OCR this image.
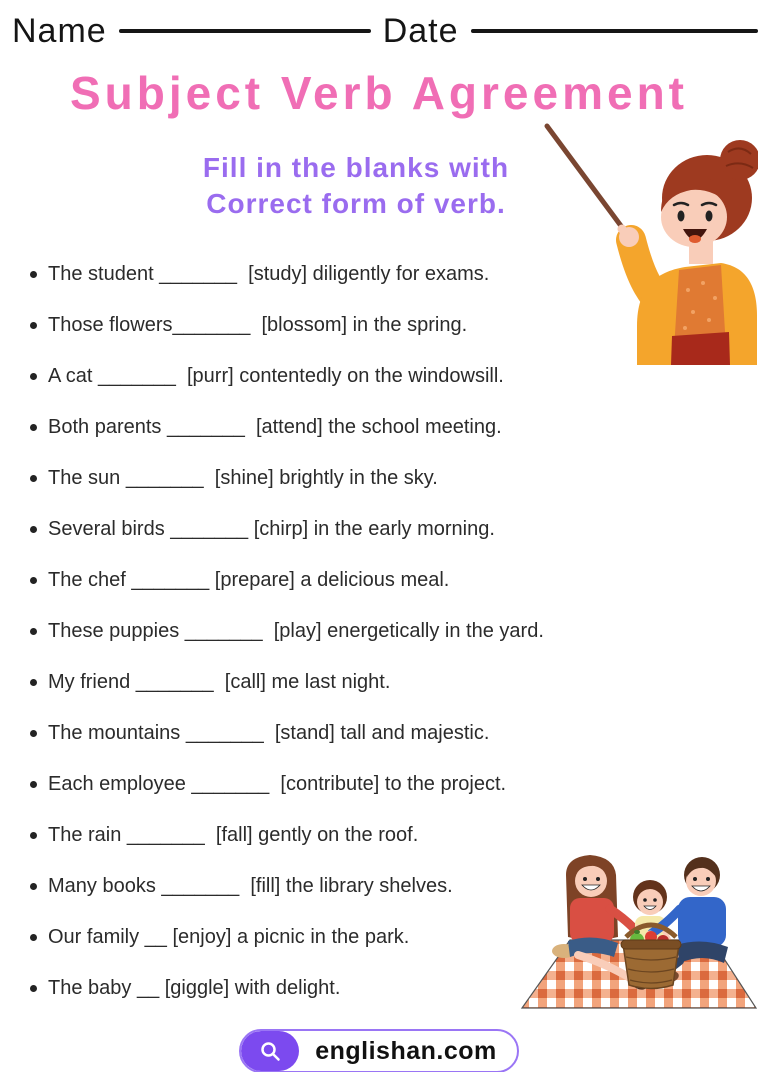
Name	Date
Subject Verb Agreement
Fill in the blanks with
Correct form of verb.
The student _______  [study] diligently for exams.
Those flowers_______  [blossom] in the spring.
A cat _______  [purr] contentedly on the windowsill.
Both parents _______  [attend] the school meeting.
The sun _______  [shine] brightly in the sky.
Several birds _______ [chirp] in the early morning.
The chef _______ [prepare] a delicious meal.
These puppies _______  [play] energetically in the yard.
My friend _______  [call] me last night.
The mountains _______  [stand] tall and majestic.
Each employee _______  [contribute] to the project.
The rain _______  [fall] gently on the roof.
Many books _______  [fill] the library shelves.
Our family __ [enjoy] a picnic in the park.
The baby __ [giggle] with delight.
englishan.com
